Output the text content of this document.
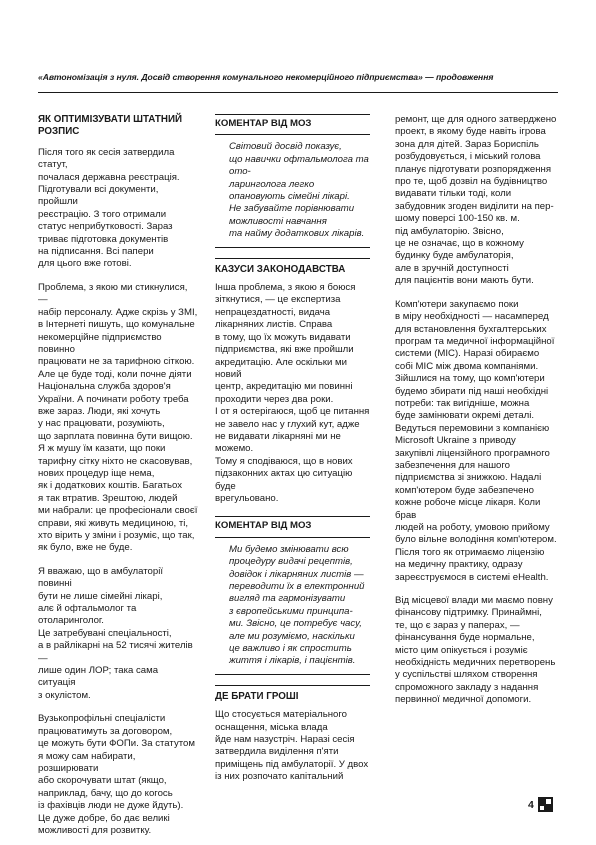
«Автономізація з нуля. Досвід створення комунального некомерційного підприємства» — продовження
ЯК ОПТИМІЗУВАТИ ШТАТНИЙ
РОЗПИС

Після того як сесія затвердила статут,
почалася державна реєстрація.
Підготували всі документи, пройшли
реєстрацію. З того отримали
статус неприбутковості. Зараз
триває підготовка документів
на підписання. Всі папери
для цього вже готові.

Проблема, з якою ми стикнулися, —
набір персоналу. Адже скрізь у ЗМІ,
в Інтернеті пишуть, що комунальне
некомерційне підприємство повинно
працювати не за тарифною сіткою.
Але це буде тоді, коли почне діяти
Національна служба здоров'я
України. А починати роботу треба
вже зараз. Люди, які хочуть
у нас працювати, розуміють,
що зарплата повинна бути вищою.
Я ж мушу їм казати, що поки
тарифну сітку ніхто не скасовував,
нових процедур іще нема,
як і додаткових коштів. Багатьох
я так втратив. Зрештою, людей
ми набрали: це професіонали своєї
справи, які живуть медициною, ті,
хто вірить у зміни і розуміє, що так,
як було, вже не буде.

Я вважаю, що в амбулаторії повинні
бути не лише сімейні лікарі,
алє й офтальмолог та отоларинголог.
Це затребувані спеціальності,
а в райлікарні на 52 тисячі жителів —
лише один ЛОР; така сама ситуація
з окулістом.

Вузькопрофільні спеціалісти
працюватимуть за договором,
це можуть бути ФОПи. За статутом
я можу сам набирати, розширювати
або скорочувати штат (якщо,
наприклад, бачу, що до когось
із фахівців люди не дуже йдуть).
Це дуже добре, бо дає великі
можливості для розвитку.

КОМЕНТАР ВІД МОЗ

Світовий досвід показує,
що навички офтальмолога та ото-
ларинголога легко
опановують сімейні лікарі.
Не забувайте порівнювати
можливості навчання
та найму додаткових лікарів.

КАЗУСИ ЗАКОНОДАВСТВА

Інша проблема, з якою я боюся
зіткнутися, — це експертиза
непрацездатності, видача
лікарняних листів. Справа
в тому, що їх можуть видавати
підприємства, які вже пройшли
акредитацію. Але оскільки ми новий
центр, акредитацію ми повинні
проходити через два роки.
І от я остерігаюся, щоб це питання
не завело нас у глухий кут, адже
не видавати лікарняні ми не можемо.
Тому я сподіваюся, що в нових
підзаконних актах цю ситуацію буде
врегульовано.

КОМЕНТАР ВІД МОЗ

Ми будемо змінювати всю
процедуру видачі рецептів,
довідок і лікарняних листів —
переводити їх в електронний
вигляд та гармонізувати
з європейськими принципа-
ми. Звісно, це потребує часу,
але ми розуміємо, наскільки
це важливо і як спростить
життя і лікарів, і пацієнтів.

ДЕ БРАТИ ГРОШІ

Що стосується матеріального
оснащення, міська влада
йде нам назустріч. Наразі сесія
затвердила виділення п'яти
приміщень під амбулаторії. У двох
із них розпочато капітальний

ремонт, ще для одного затверджено
проект, в якому буде навіть ігрова
зона для дітей. Зараз Бориспіль
розбудовується, і міський голова
планує підготувати розпорядження
про те, щоб дозвіл на будівництво
видавати тільки тоді, коли
забудовник згоден виділити на пер-
шому поверсі 100-150 кв. м.
під амбулаторію. Звісно,
це не означає, що в кожному
будинку буде амбулаторія,
але в зручній доступності
для пацієнтів вони мають бути.

Комп'ютери закупаємо поки
в міру необхідності — насамперед
для встановлення бухгалтерських
програм та медичної інформаційної
системи (МІС). Наразі обираємо
собі МІС між двома компаніями.
Зійшлися на тому, що комп'ютери
будемо збирати під наші необхідні
потреби: так вигідніше, можна
буде замінювати окремі деталі.
Ведуться перемовини з компанією
Microsoft Ukraine з приводу
закупівлі ліцензійного програмного
забезпечення для нашого
підприємства зі знижкою. Надалі
комп'ютером буде забезпечено
кожне робоче місце лікаря. Коли брав
людей на роботу, умовою прийому
було вільне володіння комп'ютером.
Після того як отримаємо ліцензію
на медичну практику, одразу
зареєструємося в системі eHealth.

Від місцевої влади ми маємо повну
фінансову підтримку. Принаймні,
те, що є зараз у паперах, —
фінансування буде нормальне,
місто цим опікується і розуміє
необхідність медичних перетворень
у суспільстві шляхом створення
спроможного закладу з надання
первинної медичної допомоги.

4
